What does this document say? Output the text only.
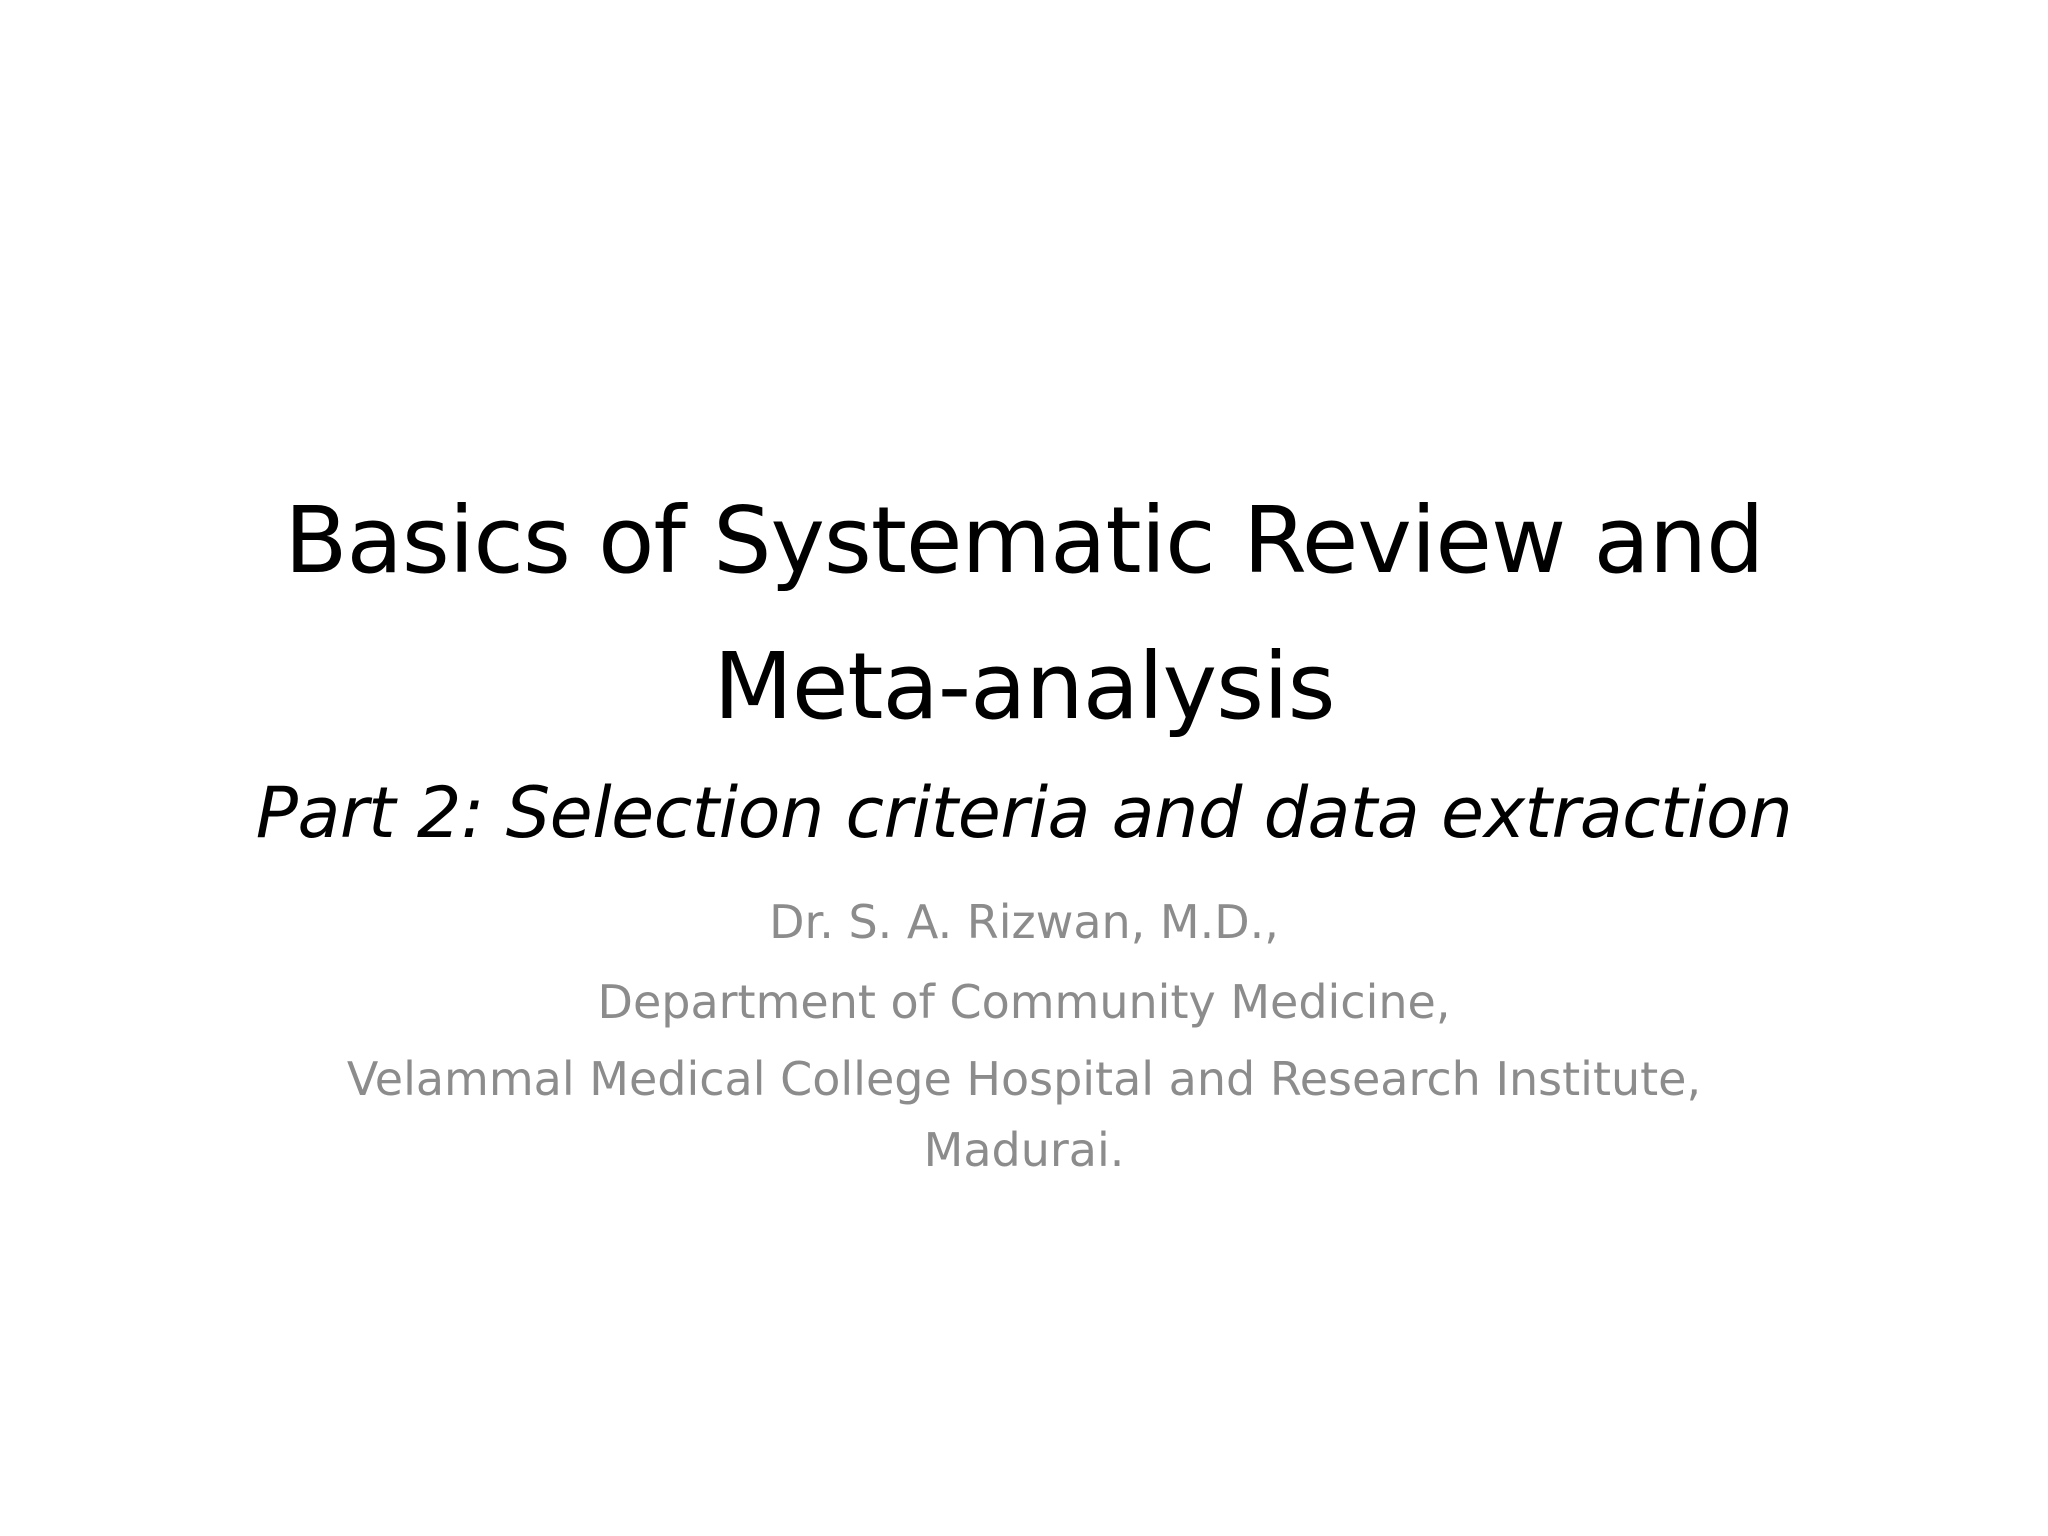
Basics of Systematic Review and
Meta-analysis
Part 2: Selection criteria and data extraction
Dr. S. A. Rizwan, M.D.,
Department of Community Medicine,
Velammal Medical College Hospital and Research Institute,
Madurai.
